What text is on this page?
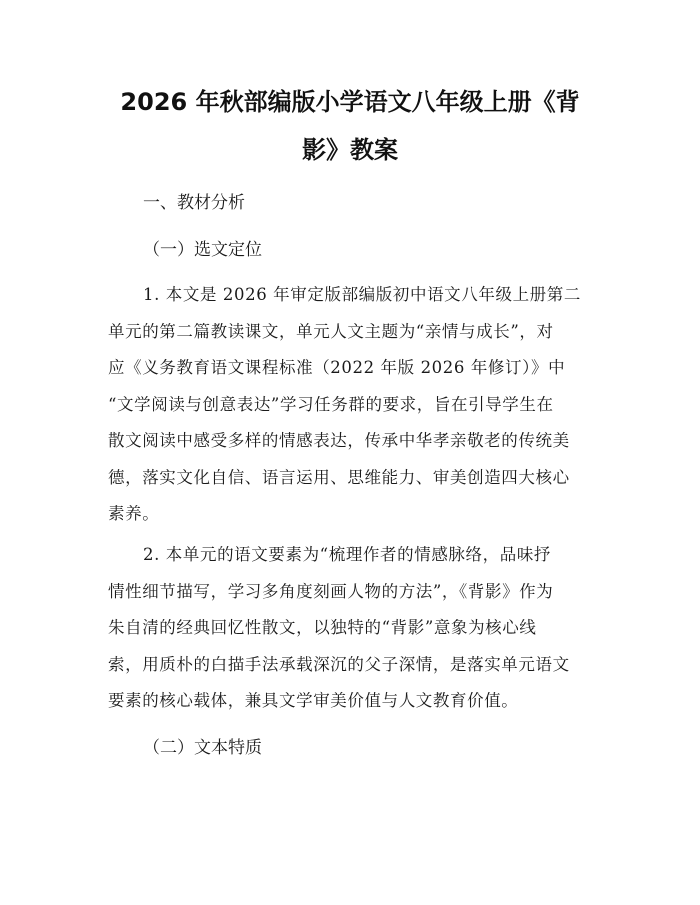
2026 年秋部编版小学语文八年级上册《背
影》教案

一、教材分析

（一）选文定位

1. 本文是 2026 年审定版部编版初中语文八年级上册第二
单元的第二篇教读课文，单元人文主题为“亲情与成长”，对
应《义务教育语文课程标准（2022 年版 2026 年修订）》中
“文学阅读与创意表达”学习任务群的要求，旨在引导学生在
散文阅读中感受多样的情感表达，传承中华孝亲敬老的传统美
德，落实文化自信、语言运用、思维能力、审美创造四大核心
素养。
2. 本单元的语文要素为“梳理作者的情感脉络，品味抒
情性细节描写，学习多角度刻画人物的方法”，《背影》作为
朱自清的经典回忆性散文，以独特的“背影”意象为核心线
索，用质朴的白描手法承载深沉的父子深情，是落实单元语文
要素的核心载体，兼具文学审美价值与人文教育价值。

（二）文本特质
